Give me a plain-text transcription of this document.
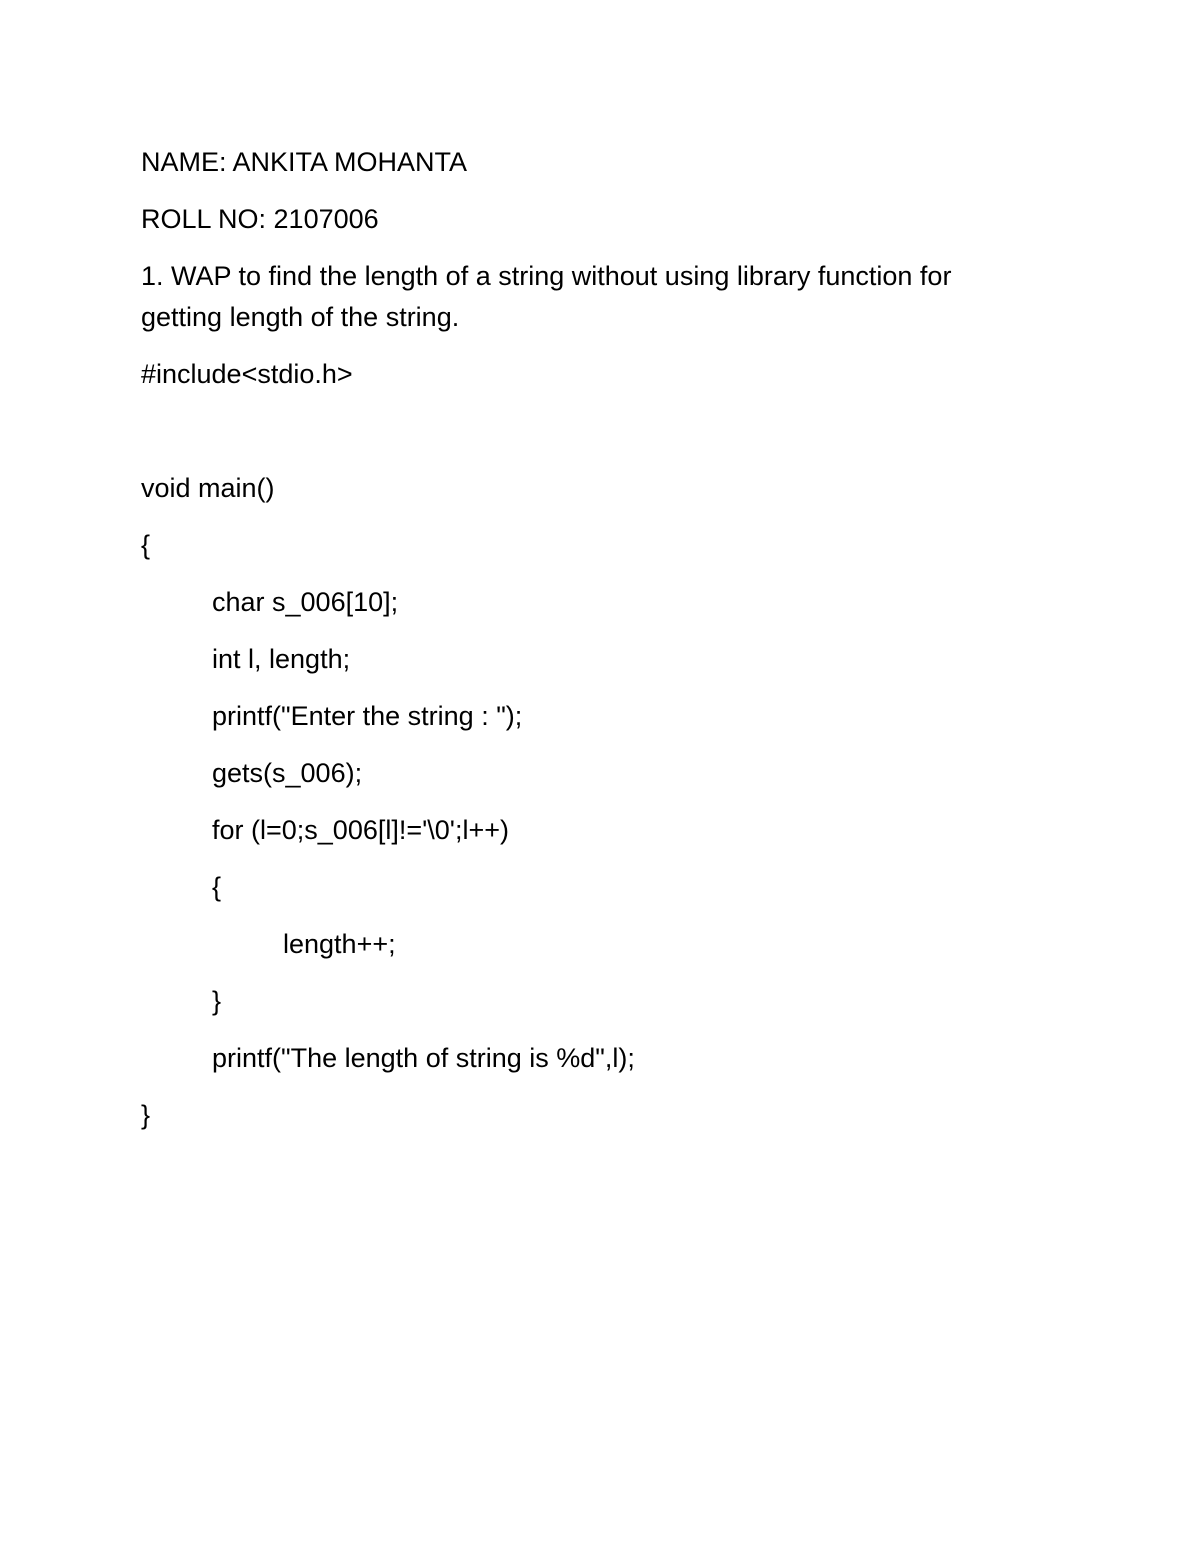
NAME: ANKITA MOHANTA
ROLL NO: 2107006
1. WAP to find the length of a string without using library function for
getting length of the string.
#include<stdio.h>
void main()
{
char s_006[10];
int l, length;
printf("Enter the string : ");
gets(s_006);
for (l=0;s_006[l]!='\0';l++)
{
length++;
}
printf("The length of string is %d",l);
}
